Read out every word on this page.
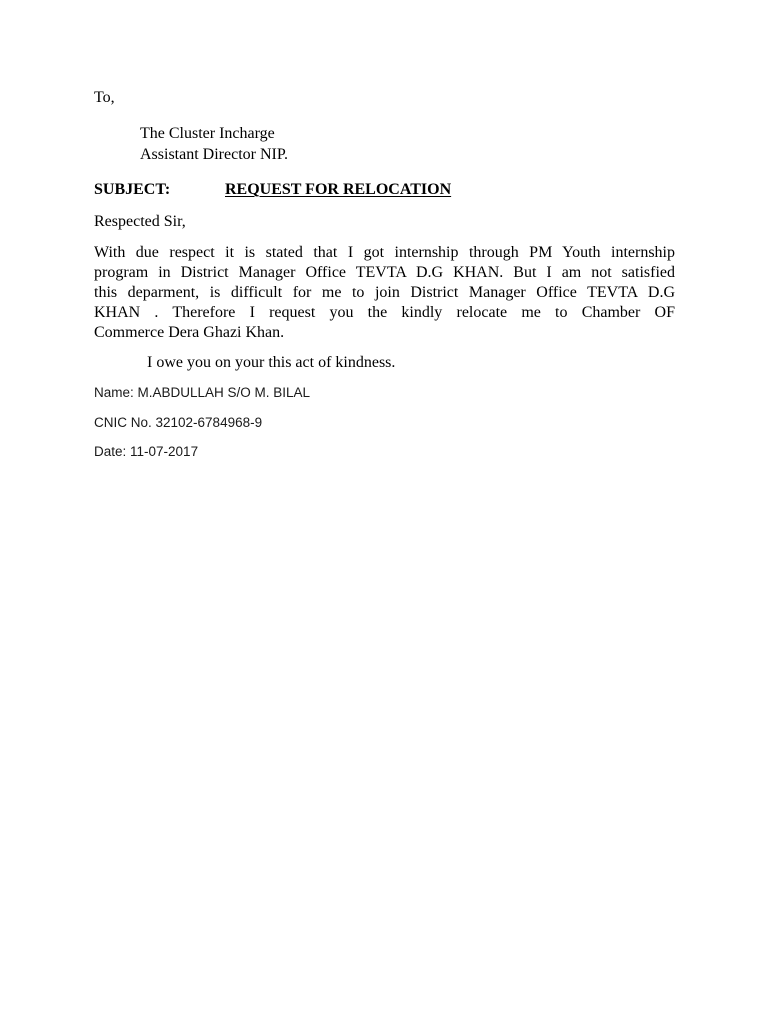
To,
The Cluster Incharge
Assistant Director NIP.
SUBJECT:	REQUEST FOR RELOCATION
Respected Sir,
With due respect it is stated that I got internship through PM Youth internship
program in District Manager Office TEVTA D.G KHAN. But I am not satisfied
this deparment, is difficult for me to join District Manager Office TEVTA D.G
KHAN . Therefore I request you the kindly relocate me to Chamber OF
Commerce Dera Ghazi Khan.
I owe you on your this act of kindness.
Name: M.ABDULLAH S/O M. BILAL
CNIC No. 32102-6784968-9
Date: 11-07-2017
